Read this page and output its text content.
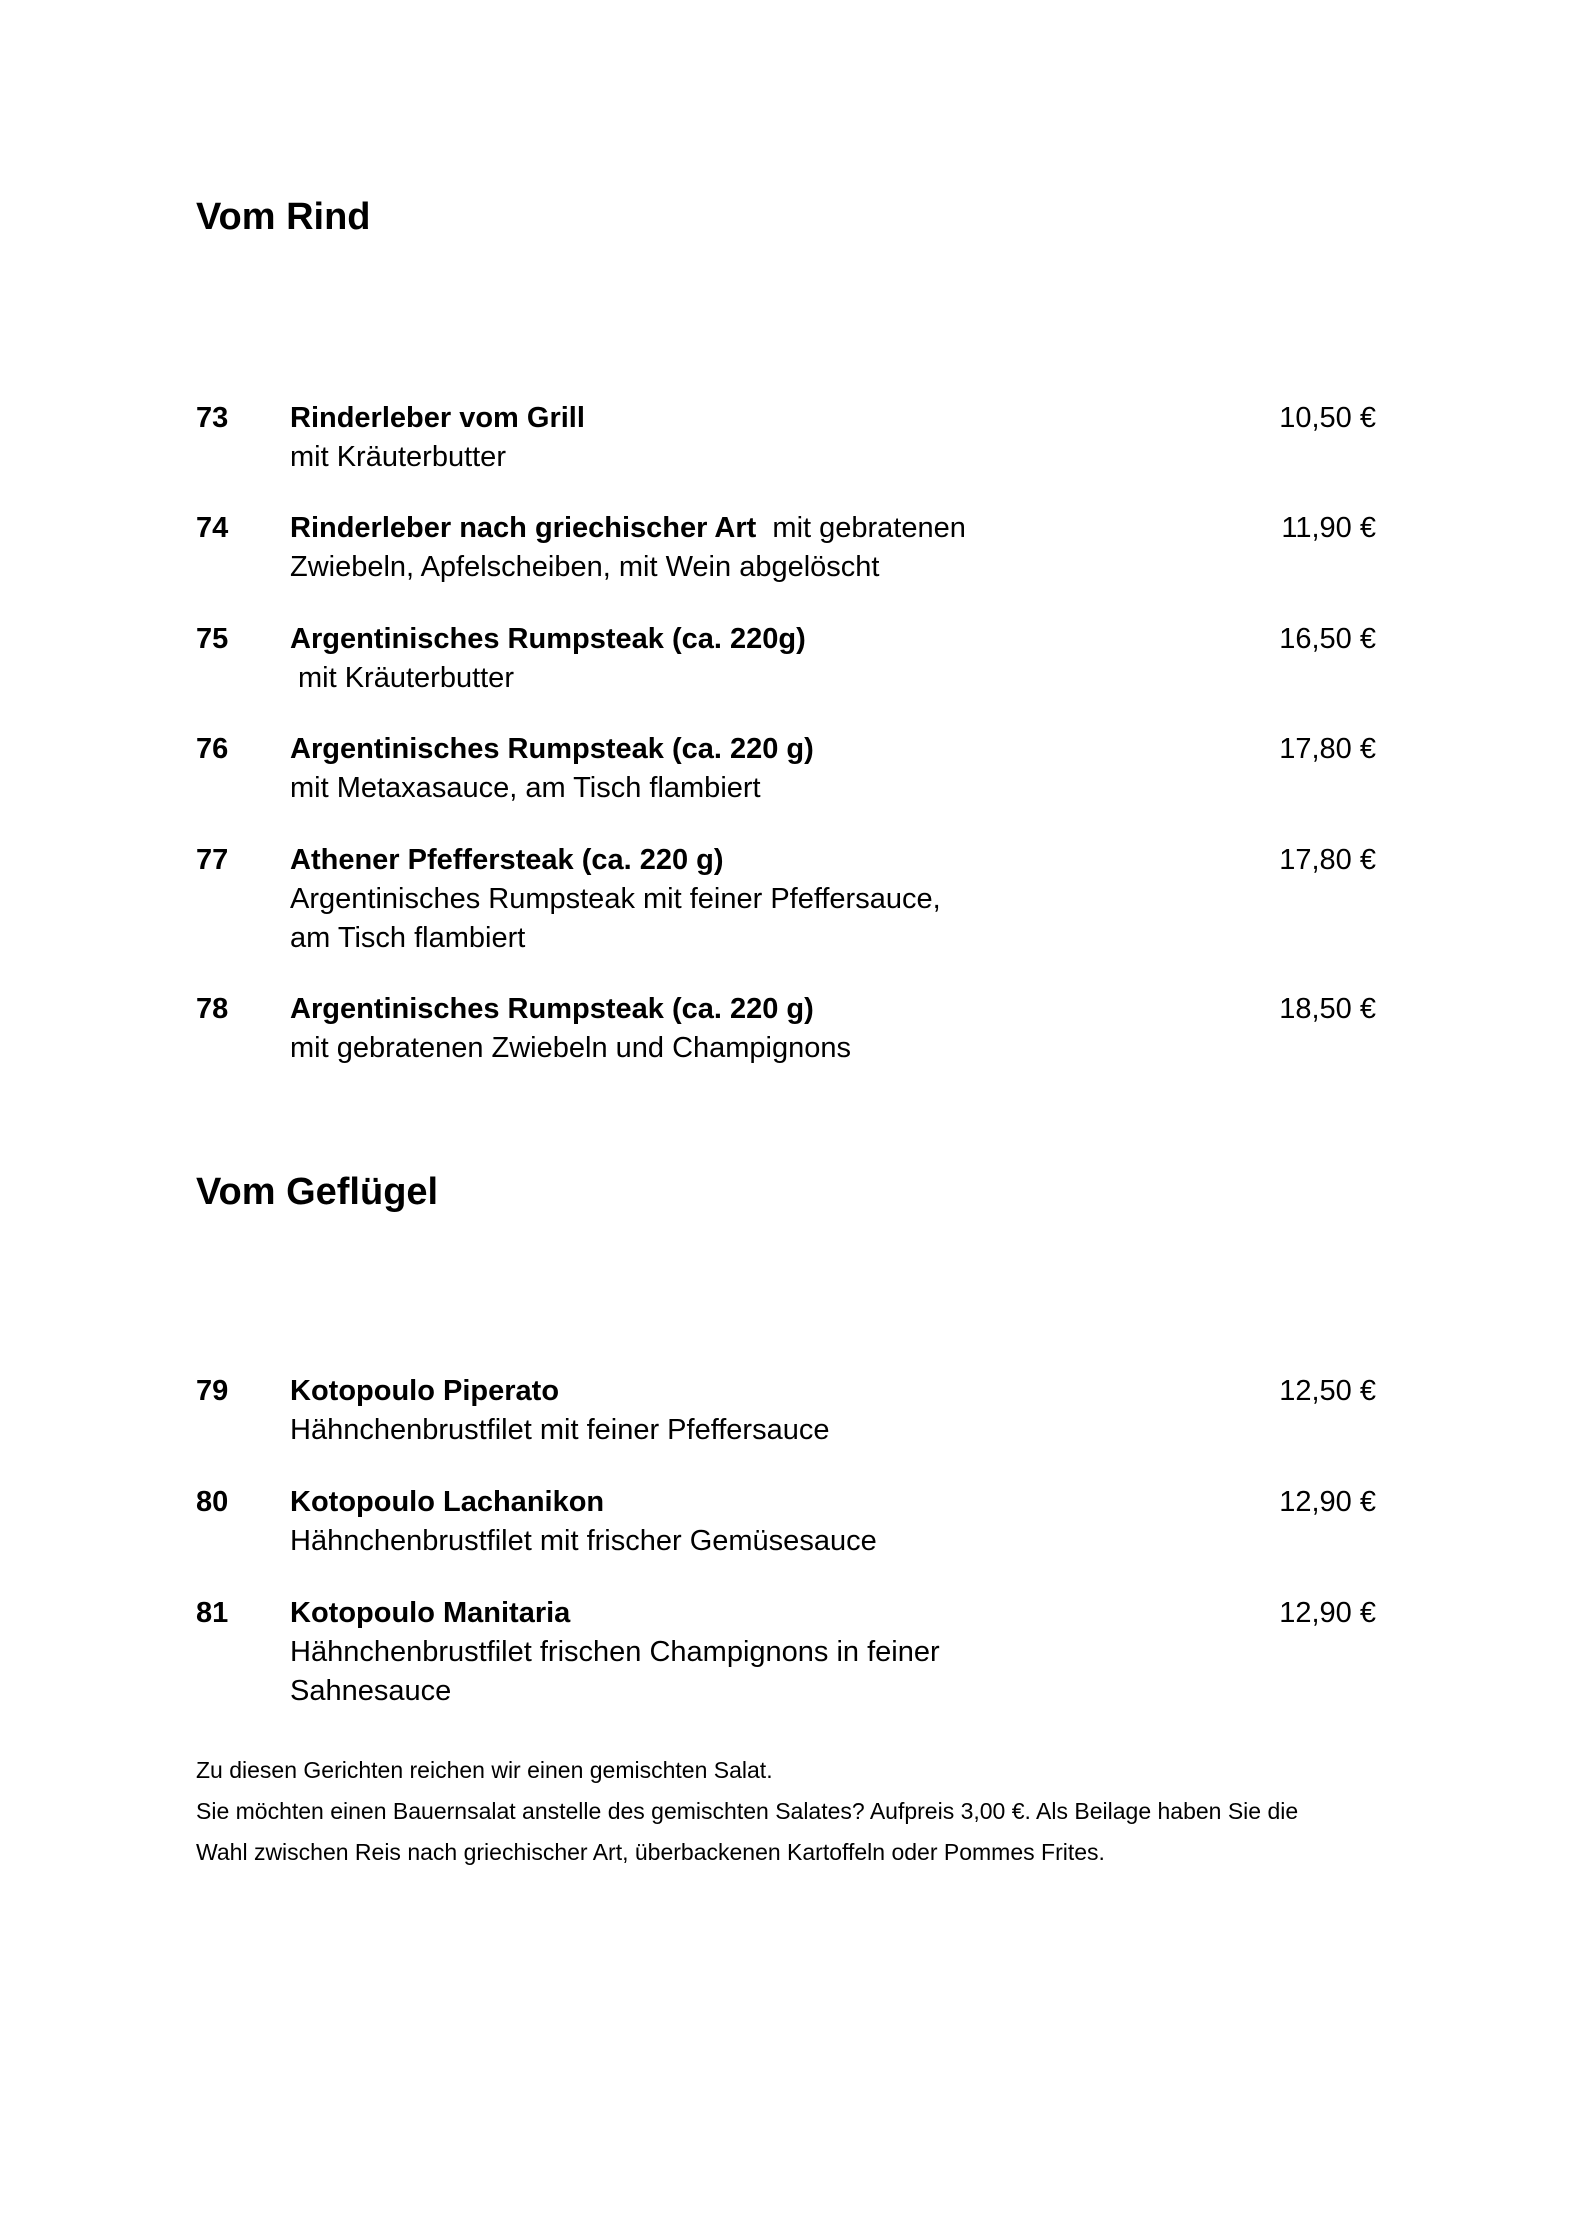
Vom Rind
73 Rinderleber vom Grill
mit Kräuterbutter
10,50 €
74 Rinderleber nach griechischer Art  mit gebratenen
Zwiebeln, Apfelscheiben, mit Wein abgelöscht
11,90 €
75 Argentinisches Rumpsteak (ca. 220g)
mit Kräuterbutter
16,50 €
76 Argentinisches Rumpsteak (ca. 220 g)
mit Metaxasauce, am Tisch flambiert
17,80 €
77 Athener Pfeffersteak (ca. 220 g)
Argentinisches Rumpsteak mit feiner Pfeffersauce,
am Tisch flambiert
17,80 €
78 Argentinisches Rumpsteak (ca. 220 g)
mit gebratenen Zwiebeln und Champignons
18,50 €
Vom Geflügel
79 Kotopoulo Piperato
Hähnchenbrustfilet mit feiner Pfeffersauce
12,50 €
80 Kotopoulo Lachanikon
Hähnchenbrustfilet mit frischer Gemüsesauce
12,90 €
81 Kotopoulo Manitaria
Hähnchenbrustfilet frischen Champignons in feiner
Sahnesauce
12,90 €

Zu diesen Gerichten reichen wir einen gemischten Salat.

Sie möchten einen Bauernsalat anstelle des gemischten Salates? Aufpreis 3,00 €. Als Beilage haben Sie die

Wahl zwischen Reis nach griechischer Art, überbackenen Kartoffeln oder Pommes Frites.
